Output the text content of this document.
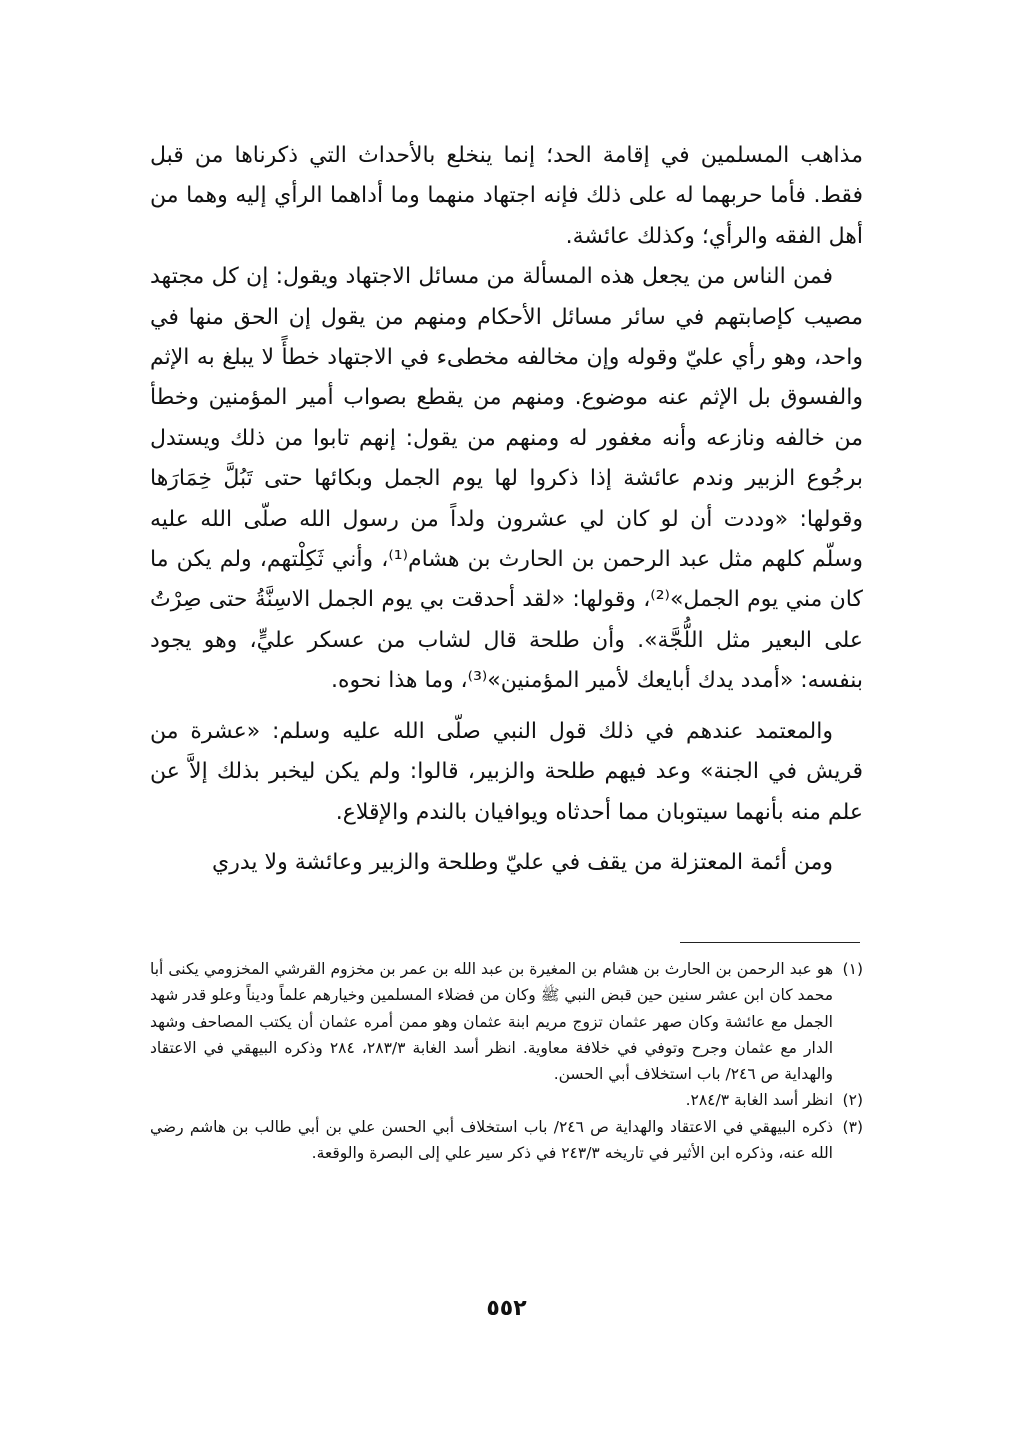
مذاهب المسلمين في إقامة الحد؛ إنما ينخلع بالأحداث التي ذكرناها من قبل فقط. فأما حربهما له على ذلك فإنه اجتهاد منهما وما أداهما الرأي إليه وهما من أهل الفقه والرأي؛ وكذلك عائشة.

فمن الناس من يجعل هذه المسألة من مسائل الاجتهاد ويقول: إن كل مجتهد مصيب كإصابتهم في سائر مسائل الأحكام ومنهم من يقول إن الحق منها في واحد، وهو رأي عليّ وقوله وإن مخالفه مخطىء في الاجتهاد خطأً لا يبلغ به الإثم والفسوق بل الإثم عنه موضوع. ومنهم من يقطع بصواب أمير المؤمنين وخطأ من خالفه ونازعه وأنه مغفور له ومنهم من يقول: إنهم تابوا من ذلك ويستدل برجُوع الزبير وندم عائشة إذا ذكروا لها يوم الجمل وبكائها حتى تَبُلَّ خِمَارَها وقولها: «وددت أن لو كان لي عشرون ولداً من رسول الله صلّى الله عليه وسلّم كلهم مثل عبد الرحمن بن الحارث بن هشام⁽¹⁾، وأني ثَكِلْتهم، ولم يكن ما كان مني يوم الجمل»⁽²⁾، وقولها: «لقد أحدقت بي يوم الجمل الاسِنَّةُ حتى صِرْتُ على البعير مثل اللُّجَّة». وأن طلحة قال لشاب من عسكر عليٍّ، وهو يجود بنفسه: «أمدد يدك أبايعك لأمير المؤمنين»⁽³⁾، وما هذا نحوه.

والمعتمد عندهم في ذلك قول النبي صلّى الله عليه وسلم: «عشرة من قريش في الجنة» وعد فيهم طلحة والزبير، قالوا: ولم يكن ليخبر بذلك إلاَّ عن علم منه بأنهما سيتوبان مما أحدثاه ويوافيان بالندم والإقلاع.

ومن أئمة المعتزلة من يقف في عليّ وطلحة والزبير وعائشة ولا يدري

(١)
هو عبد الرحمن بن الحارث بن هشام بن المغيرة بن عبد الله بن عمر بن مخزوم القرشي المخزومي يكنى أبا محمد كان ابن عشر سنين حين قبض النبي ﷺ وكان من فضلاء المسلمين وخيارهم علماً وديناً وعلو قدر شهد الجمل مع عائشة وكان صهر عثمان تزوج مريم ابنة عثمان وهو ممن أمره عثمان أن يكتب المصاحف وشهد الدار مع عثمان وجرح وتوفي في خلافة معاوية. انظر أسد الغابة ٢٨٣/٣، ٢٨٤ وذكره البيهقي في الاعتقاد والهداية ص ٢٤٦/ باب استخلاف أبي الحسن.
(٢)
انظر أسد الغابة ٢٨٤/٣.
(٣)
ذكره البيهقي في الاعتقاد والهداية ص ٢٤٦/ باب استخلاف أبي الحسن علي بن أبي طالب بن هاشم رضي الله عنه، وذكره ابن الأثير في تاريخه ٢٤٣/٣ في ذكر سير علي إلى البصرة والوقعة.
٥٥٢
